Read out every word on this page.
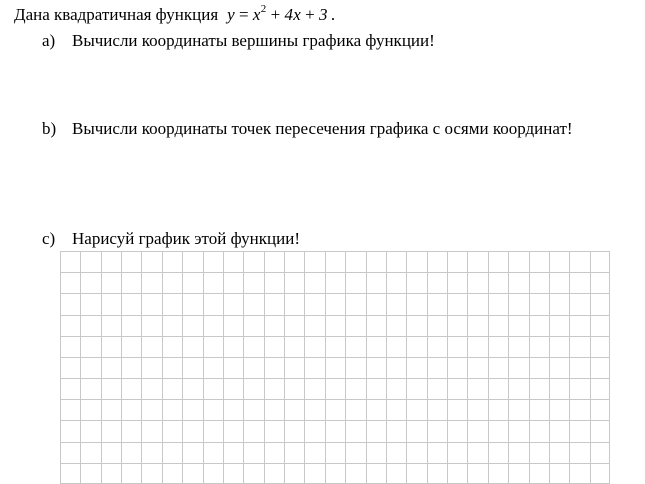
Дана квадратичная функция $y = x^2 + 4x + 3$ .
a) Вычисли координаты вершины графика функции!
b) Вычисли координаты точек пересечения графика с осями координат!
c) Нарисуй график этой функции!
